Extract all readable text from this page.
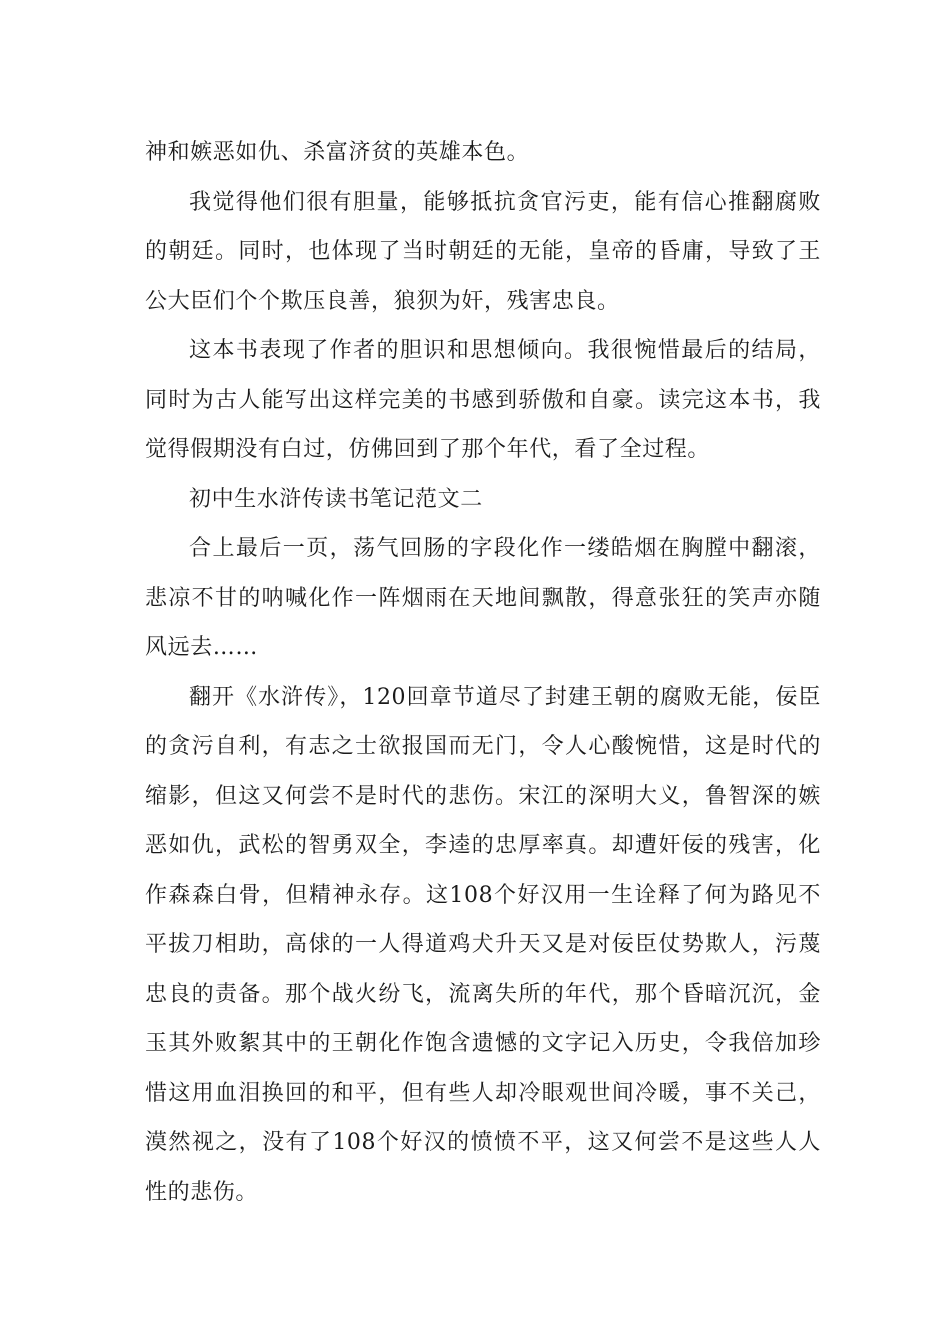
神和嫉恶如仇、杀富济贫的英雄本色。

我觉得他们很有胆量，能够抵抗贪官污吏，能有信心推翻腐败的朝廷。同时，也体现了当时朝廷的无能，皇帝的昏庸，导致了王公大臣们个个欺压良善，狼狈为奸，残害忠良。

这本书表现了作者的胆识和思想倾向。我很惋惜最后的结局，同时为古人能写出这样完美的书感到骄傲和自豪。读完这本书，我觉得假期没有白过，仿佛回到了那个年代，看了全过程。

初中生水浒传读书笔记范文二

合上最后一页，荡气回肠的字段化作一缕皓烟在胸膛中翻滚，悲凉不甘的呐喊化作一阵烟雨在天地间飘散，得意张狂的笑声亦随风远去……

翻开《水浒传》，120回章节道尽了封建王朝的腐败无能，佞臣的贪污自利，有志之士欲报国而无门，令人心酸惋惜，这是时代的缩影，但这又何尝不是时代的悲伤。宋江的深明大义，鲁智深的嫉恶如仇，武松的智勇双全，李逵的忠厚率真。却遭奸佞的残害，化作森森白骨，但精神永存。这108个好汉用一生诠释了何为路见不平拔刀相助，高俅的一人得道鸡犬升天又是对佞臣仗势欺人，污蔑忠良的责备。那个战火纷飞，流离失所的年代，那个昏暗沉沉，金玉其外败絮其中的王朝化作饱含遗憾的文字记入历史，令我倍加珍惜这用血泪换回的和平，但有些人却冷眼观世间冷暖，事不关己，漠然视之，没有了108个好汉的愤愤不平，这又何尝不是这些人人性的悲伤。
